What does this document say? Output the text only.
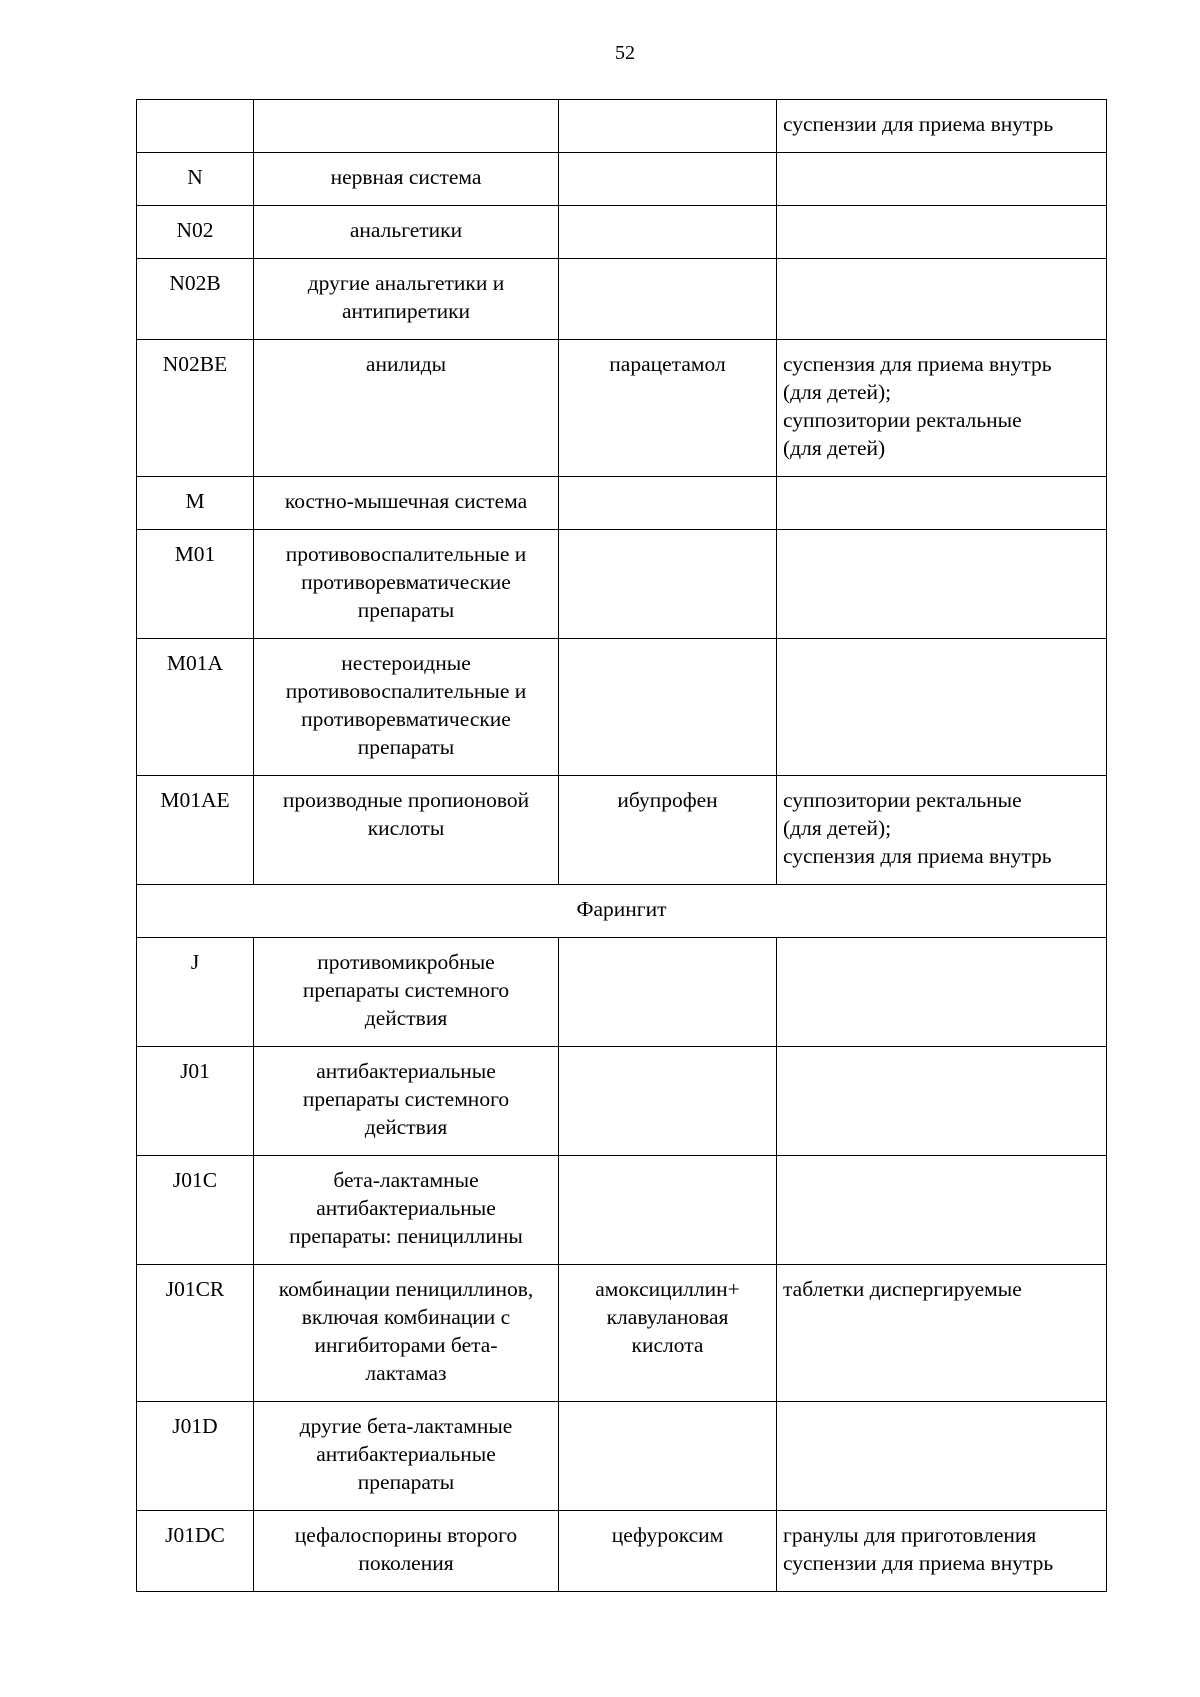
52
			суспензии для приема внутрь
N	нервная система		
N02	анальгетики		
N02B	другие анальгетики и
антипиретики		
N02BE	анилиды	парацетамол	суспензия для приема внутрь
(для детей);
суппозитории ректальные
(для детей)
M	костно-мышечная система		
M01	противовоспалительные и
противоревматические
препараты		
M01A	нестероидные
противовоспалительные и
противоревматические
препараты		
M01AE	производные пропионовой
кислоты	ибупрофен	суппозитории ректальные
(для детей);
суспензия для приема внутрь
Фарингит			
J	противомикробные
препараты системного
действия		
J01	антибактериальные
препараты системного
действия		
J01C	бета-лактамные
антибактериальные
препараты: пенициллины		
J01CR	комбинации пенициллинов,
включая комбинации с
ингибиторами бета-
лактамаз	амоксициллин+
клавулановая
кислота	таблетки диспергируемые
J01D	другие бета-лактамные
антибактериальные
препараты		
J01DC	цефалоспорины второго
поколения	цефуроксим	гранулы для приготовления
суспензии для приема внутрь
